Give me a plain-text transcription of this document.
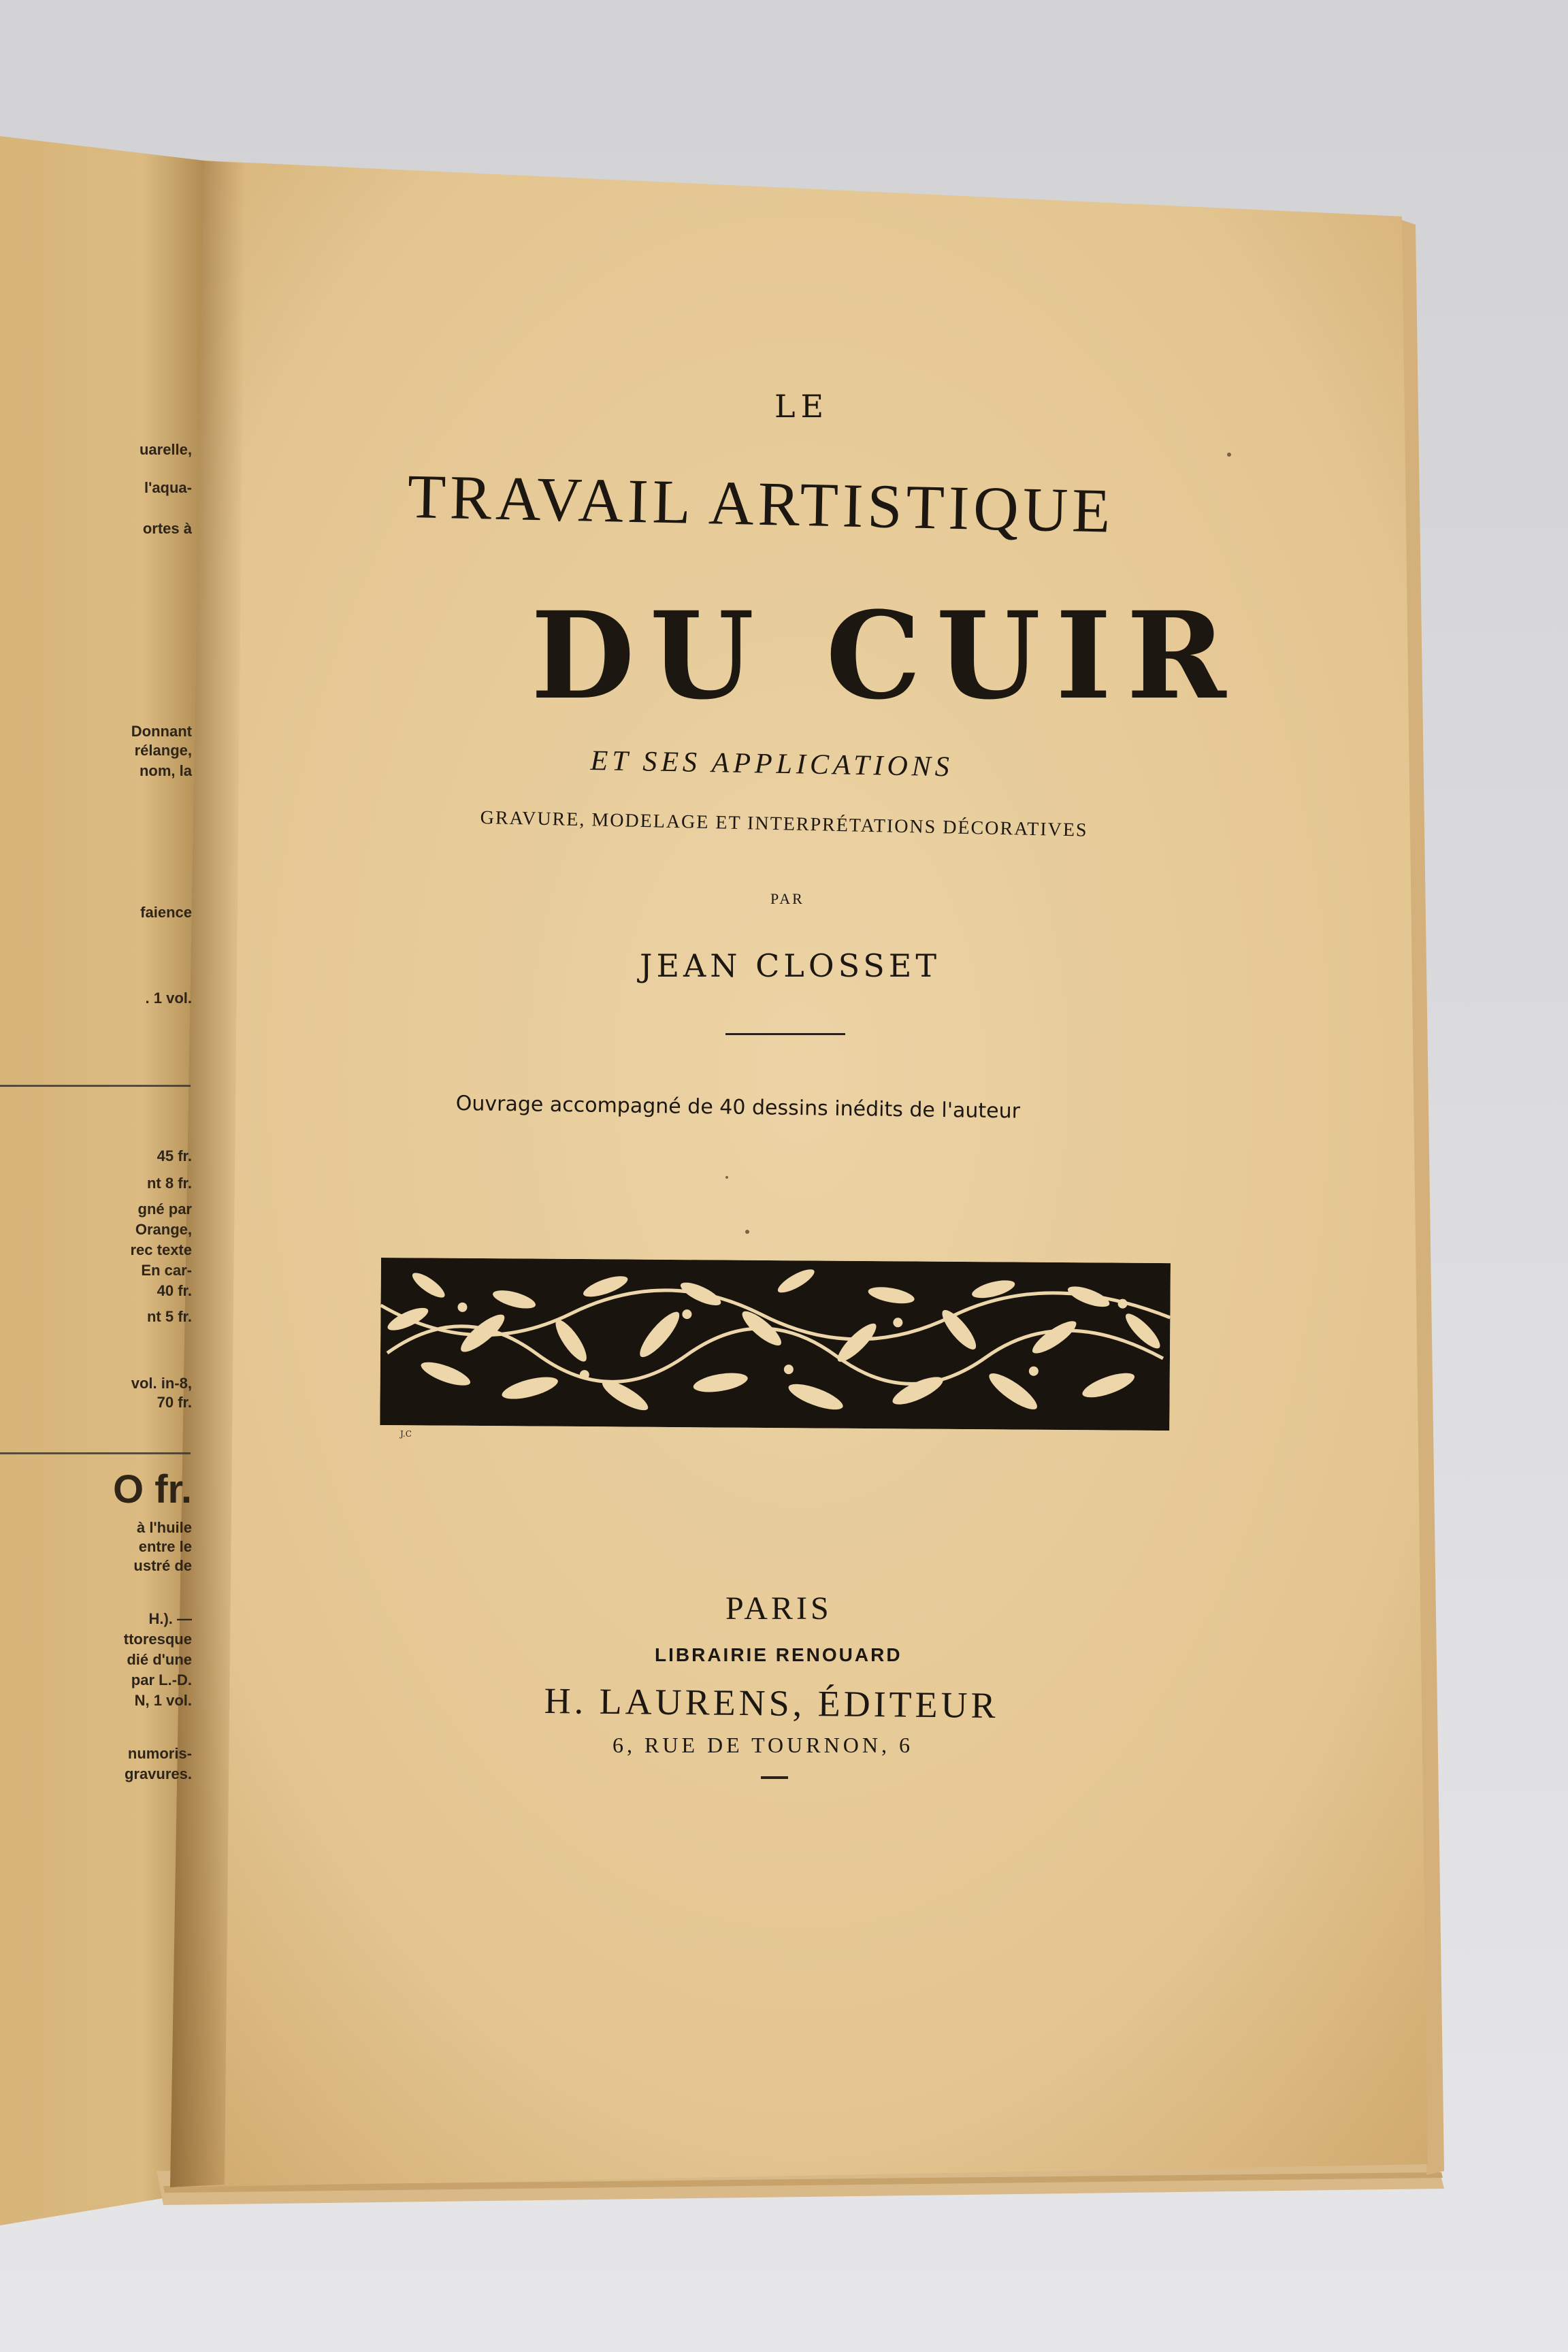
uarelle,

l'aqua-

ortes à

Donnant

rélange,

nom, la

faience

. 1 vol.

45 fr.

nt 8 fr.

gné par

Orange,

rec texte

En car-

40 fr.

nt 5 fr.

vol. in-8,

70 fr.

O fr.

à l'huile

entre le

ustré de

H.). —

ttoresque

dié d'une

par L.-D.

N, 1 vol.

numoris-

gravures.

LE

TRAVAIL ARTISTIQUE

DU CUIR

ET SES APPLICATIONS

GRAVURE, MODELAGE ET INTERPRÉTATIONS DÉCORATIVES

PAR

JEAN CLOSSET

Ouvrage accompagné de 40 dessins inédits de l'auteur

J.C

PARIS

LIBRAIRIE RENOUARD

H. LAURENS, ÉDITEUR

6, RUE DE TOURNON, 6
